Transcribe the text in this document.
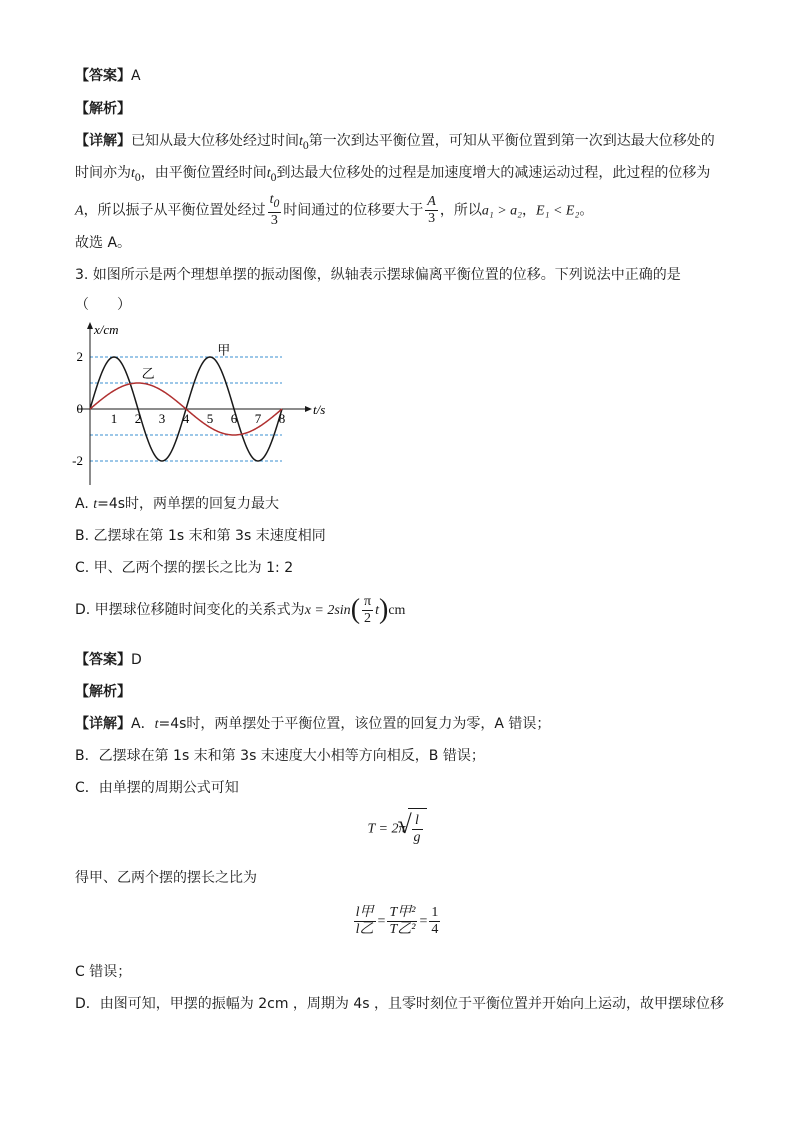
【答案】A
【解析】
【详解】已知从最大位移处经过时间$t_0$第一次到达平衡位置，可知从平衡位置到第一次到达最大位移处的
时间亦为$t_0$，由平衡位置经时间$t_0$到达最大位移处的过程是加速度增大的减速运动过程，此过程的位移为
A，所以振子从平衡位置处经过 $\frac{t_0}{3}$ 时间通过的位移要大于 $\frac{A}{3}$ ，所以a₁ > a₂，E₁ < E₂。
故选 A。
3. 如图所示是两个理想单摆的振动图像，纵轴表示摆球偏离平衡位置的位移。下列说法中正确的是
（　　）
甲
乙
1 2 3 4 5 6 7 8
2
0
-2
x/cm
t/s
A. t=4s时，两单摆的回复力最大
B. 乙摆球在第 1s 末和第 3s 末速度相同
C. 甲、乙两个摆的摆长之比为 1: 2
D. 甲摆球位移随时间变化的关系式为$x = 2\sin( \frac{\pi}{2} t)cm$
【答案】D
【解析】
【详解】A．t=4s时，两单摆处于平衡位置，该位置的回复力为零，A 错误；
B．乙摆球在第 1s 末和第 3s 末速度大小相等方向相反，B 错误；
C．由单摆的周期公式可知
T = 2π
√ $\frac{l}{g}$
得甲、乙两个摆的摆长之比为
$\frac{\text{l甲}}{\text{l乙}} = \frac{\text{T甲²}}{\text{T乙²}} = \frac{1}{4}$
C 错误；
D．由图可知，甲摆的振幅为 2cm ，周期为 4s ，且零时刻位于平衡位置并开始向上运动，故甲摆球位移
